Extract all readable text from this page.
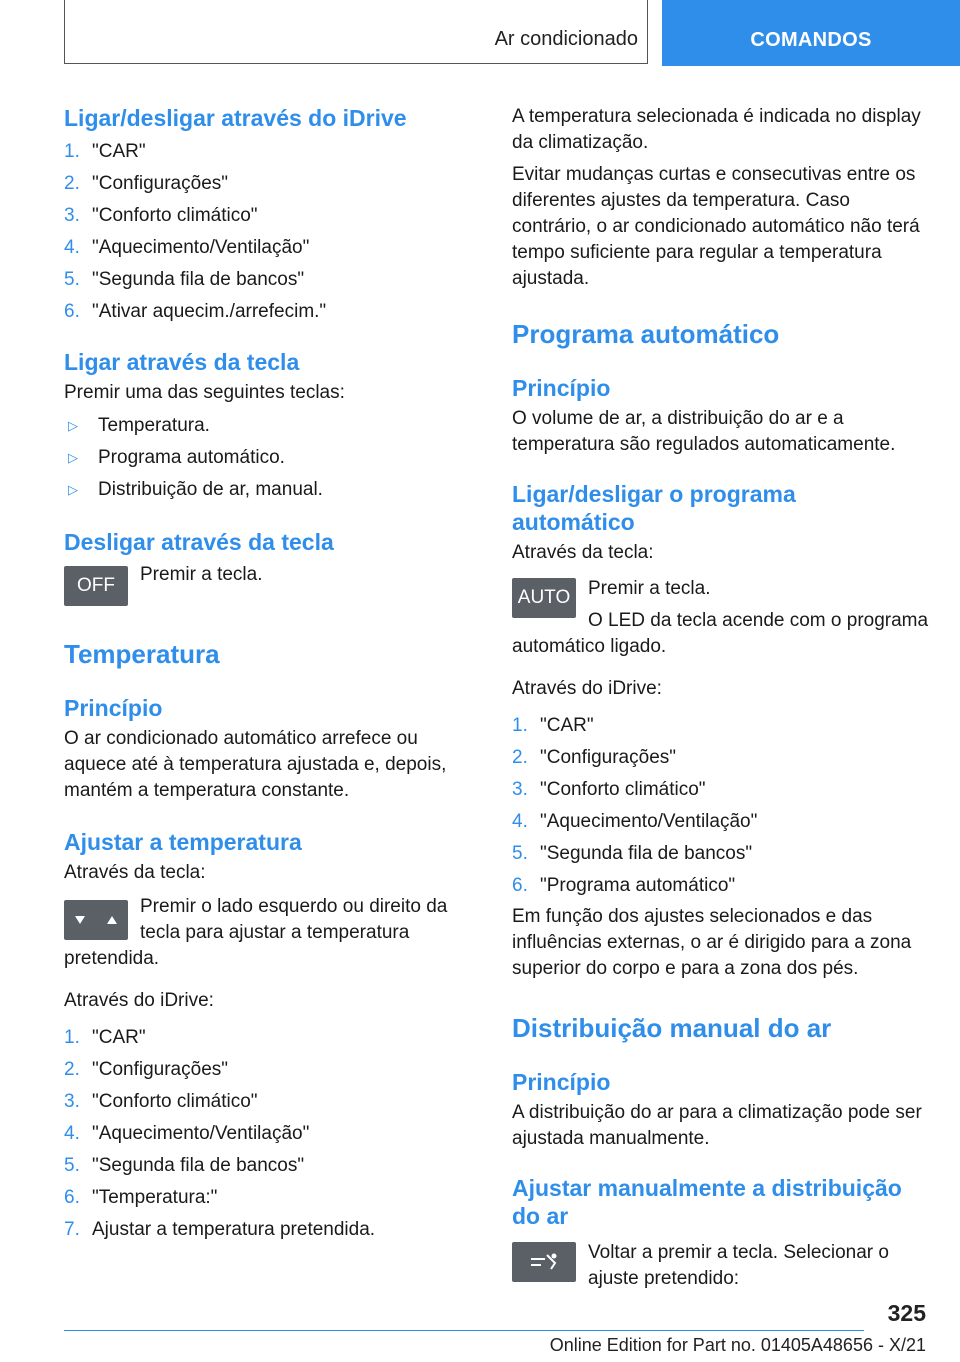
Ar condicionado	COMANDOS
Ligar/desligar através do iDrive
1. "CAR"
2. "Configurações"
3. "Conforto climático"
4. "Aquecimento/Ventilação"
5. "Segunda fila de bancos"
6. "Ativar aquecim./arrefecim."
Ligar através da tecla

Premir uma das seguintes teclas:

▷	Temperatura.
▷	Programa automático.
▷	Distribuição de ar, manual.
Desligar através da tecla
OFF
Premir a tecla.
Temperatura
Princípio

O ar condicionado automático arrefece ou aquece até à temperatura ajustada e, depois, mantém a temperatura constante.

Ajustar a temperatura

Através da tecla:

Premir o lado esquerdo ou direito da tecla para ajustar a temperatura pretendida.

Através do iDrive:

1. "CAR"
2. "Configurações"
3. "Conforto climático"
4. "Aquecimento/Ventilação"
5. "Segunda fila de bancos"
6. "Temperatura:"
7. Ajustar a temperatura pretendida.

A temperatura selecionada é indicada no display da climatização.

Evitar mudanças curtas e consecutivas entre os diferentes ajustes da temperatura. Caso contrário, o ar condicionado automático não terá tempo suficiente para regular a temperatura ajustada.

Programa automático
Princípio

O volume de ar, a distribuição do ar e a temperatura são regulados automaticamente.

Ligar/desligar o programa automático

Através da tecla:

AUTO Premir a tecla.

O LED da tecla acende com o programa automático ligado.

Através do iDrive:

1. "CAR"
2. "Configurações"
3. "Conforto climático"
4. "Aquecimento/Ventilação"
5. "Segunda fila de bancos"
6. "Programa automático"

Em função dos ajustes selecionados e das influências externas, o ar é dirigido para a zona superior do corpo e para a zona dos pés.

Distribuição manual do ar
Princípio

A distribuição do ar para a climatização pode ser ajustada manualmente.

Ajustar manualmente a distribuição do ar

Voltar a premir a tecla. Selecionar o ajuste pretendido:

325
Online Edition for Part no. 01405A48656 - X/21
